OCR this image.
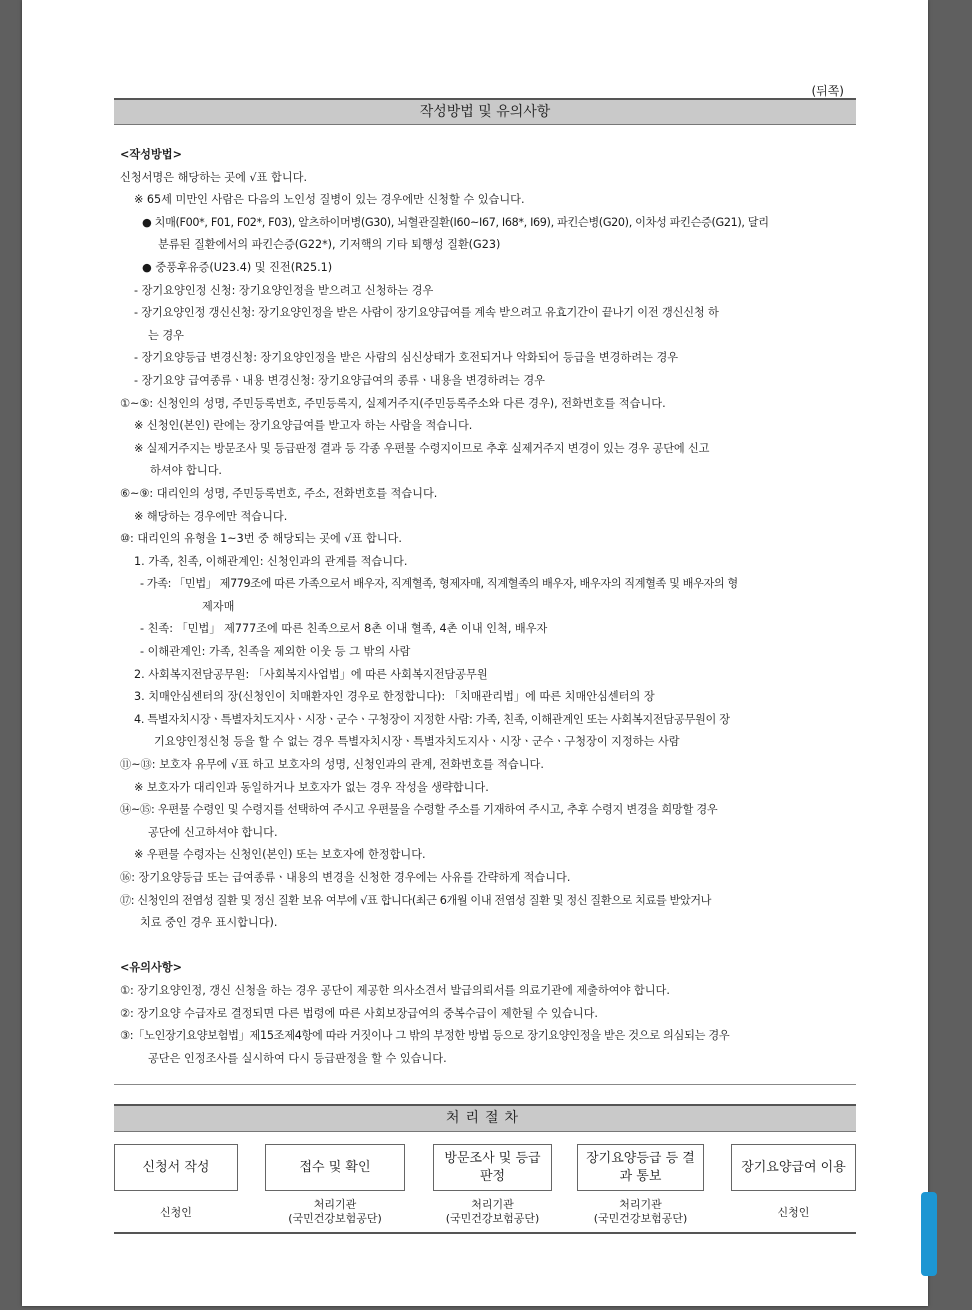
(뒤쪽)
작성방법 및 유의사항
<작성방법>
신청서명은 해당하는 곳에 √표 합니다.
※ 65세 미만인 사람은 다음의 노인성 질병이 있는 경우에만 신청할 수 있습니다.
● 치매(F00*, F01, F02*, F03), 알츠하이머병(G30), 뇌혈관질환(I60~I67, I68*, I69), 파킨슨병(G20), 이차성 파킨슨증(G21), 달리
분류된 질환에서의 파킨슨증(G22*), 기저핵의 기타 퇴행성 질환(G23)
● 중풍후유증(U23.4) 및 진전(R25.1)
- 장기요양인정 신청: 장기요양인정을 받으려고 신청하는 경우
- 장기요양인정 갱신신청: 장기요양인정을 받은 사람이 장기요양급여를 계속 받으려고 유효기간이 끝나기 이전 갱신신청 하
는 경우
- 장기요양등급 변경신청: 장기요양인정을 받은 사람의 심신상태가 호전되거나 악화되어 등급을 변경하려는 경우
- 장기요양 급여종류ㆍ내용 변경신청: 장기요양급여의 종류ㆍ내용을 변경하려는 경우
①~⑤: 신청인의 성명, 주민등록번호, 주민등록지, 실제거주지(주민등록주소와 다른 경우), 전화번호를 적습니다.
※ 신청인(본인) 란에는 장기요양급여를 받고자 하는 사람을 적습니다.
※ 실제거주지는 방문조사 및 등급판정 결과 등 각종 우편물 수령지이므로 추후 실제거주지 변경이 있는 경우 공단에 신고
하셔야 합니다.
⑥~⑨: 대리인의 성명, 주민등록번호, 주소, 전화번호를 적습니다.
※ 해당하는 경우에만 적습니다.
⑩: 대리인의 유형을 1~3번 중 해당되는 곳에 √표 합니다.
1. 가족, 친족, 이해관계인: 신청인과의 관계를 적습니다.
- 가족: 「민법」 제779조에 따른 가족으로서 배우자, 직계혈족, 형제자매, 직계혈족의 배우자, 배우자의 직계혈족 및 배우자의 형
제자매
- 친족: 「민법」 제777조에 따른 친족으로서 8촌 이내 혈족, 4촌 이내 인척, 배우자
- 이해관계인: 가족, 친족을 제외한 이웃 등 그 밖의 사람
2. 사회복지전담공무원: 「사회복지사업법」에 따른 사회복지전담공무원
3. 치매안심센터의 장(신청인이 치매환자인 경우로 한정합니다): 「치매관리법」에 따른 치매안심센터의 장
4. 특별자치시장ㆍ특별자치도지사ㆍ시장ㆍ군수ㆍ구청장이 지정한 사람: 가족, 친족, 이해관계인 또는 사회복지전담공무원이 장
기요양인정신청 등을 할 수 없는 경우 특별자치시장ㆍ특별자치도지사ㆍ시장ㆍ군수ㆍ구청장이 지정하는 사람
⑪~⑬: 보호자 유무에 √표 하고 보호자의 성명, 신청인과의 관계, 전화번호를 적습니다.
※ 보호자가 대리인과 동일하거나 보호자가 없는 경우 작성을 생략합니다.
⑭~⑮: 우편물 수령인 및 수령지를 선택하여 주시고 우편물을 수령할 주소를 기재하여 주시고, 추후 수령지 변경을 희망할 경우
공단에 신고하셔야 합니다.
※ 우편물 수령자는 신청인(본인) 또는 보호자에 한정합니다.
⑯: 장기요양등급 또는 급여종류ㆍ내용의 변경을 신청한 경우에는 사유를 간략하게 적습니다.
⑰: 신청인의 전염성 질환 및 정신 질환 보유 여부에 √표 합니다(최근 6개월 이내 전염성 질환 및 정신 질환으로 치료를 받았거나
치료 중인 경우 표시합니다).
<유의사항>
①: 장기요양인정, 갱신 신청을 하는 경우 공단이 제공한 의사소견서 발급의뢰서를 의료기관에 제출하여야 합니다.
②: 장기요양 수급자로 결정되면 다른 법령에 따른 사회보장급여의 중복수급이 제한될 수 있습니다.
③:「노인장기요양보험법」제15조제4항에 따라 거짓이나 그 밖의 부정한 방법 등으로 장기요양인정을 받은 것으로 의심되는 경우
공단은 인정조사를 실시하여 다시 등급판정을 할 수 있습니다.
처리절차
신청서 작성	접수 및 확인
방문조사 및 등급판정
장기요양등급 등 결과 통보
장기요양급여 이용
신청인
처리기관
(국민건강보험공단)
처리기관
(국민건강보험공단)
처리기관
(국민건강보험공단)	신청인
